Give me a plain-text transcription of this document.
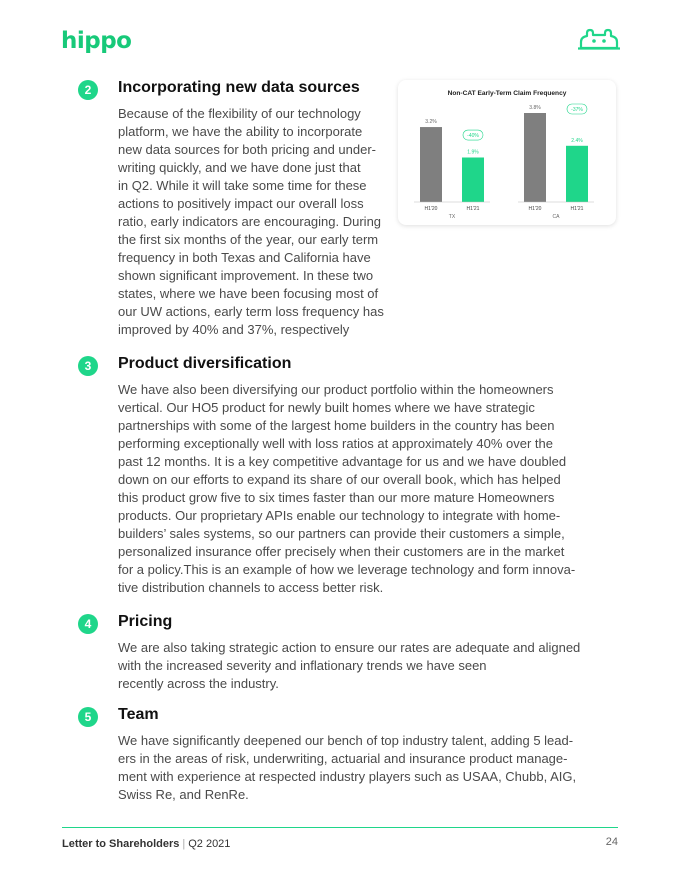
hippo
2	Incorporating new data sources
Because of the flexibility of our technology
platform, we have the ability to incorporate
new data sources for both pricing and under-
writing quickly, and we have done just that
in Q2. While it will take some time for these
actions to positively impact our overall loss
ratio, early indicators are encouraging. During
the first six months of the year, our early term
frequency in both Texas and California have
shown significant improvement. In these two
states, where we have been focusing most of
our UW actions, early term loss frequency has
improved by 40% and 37%, respectively
Non-CAT Early-Term Claim Frequency
3.2%
H1'20
1.9%
H1'21
TX
-40%
3.8%
H1'20
2.4%
H1'21
CA
-37%
3	Product diversification
We have also been diversifying our product portfolio within the homeowners
vertical. Our HO5 product for newly built homes where we have strategic
partnerships with some of the largest home builders in the country has been
performing exceptionally well with loss ratios at approximately 40% over the
past 12 months. It is a key competitive advantage for us and we have doubled
down on our efforts to expand its share of our overall book, which has helped
this product grow five to six times faster than our more mature Homeowners
products. Our proprietary APIs enable our technology to integrate with home-
builders’ sales systems, so our partners can provide their customers a simple,
personalized insurance offer precisely when their customers are in the market
for a policy.This is an example of how we leverage technology and form innova-
tive distribution channels to access better risk.
4	Pricing
We are also taking strategic action to ensure our rates are adequate and aligned
with the increased severity and inflationary trends we have seen
recently across the industry.
5	Team
We have significantly deepened our bench of top industry talent, adding 5 lead-
ers in the areas of risk, underwriting, actuarial and insurance product manage-
ment with experience at respected industry players such as USAA, Chubb, AIG,
Swiss Re, and RenRe.
Letter to Shareholders | Q2 2021	24
